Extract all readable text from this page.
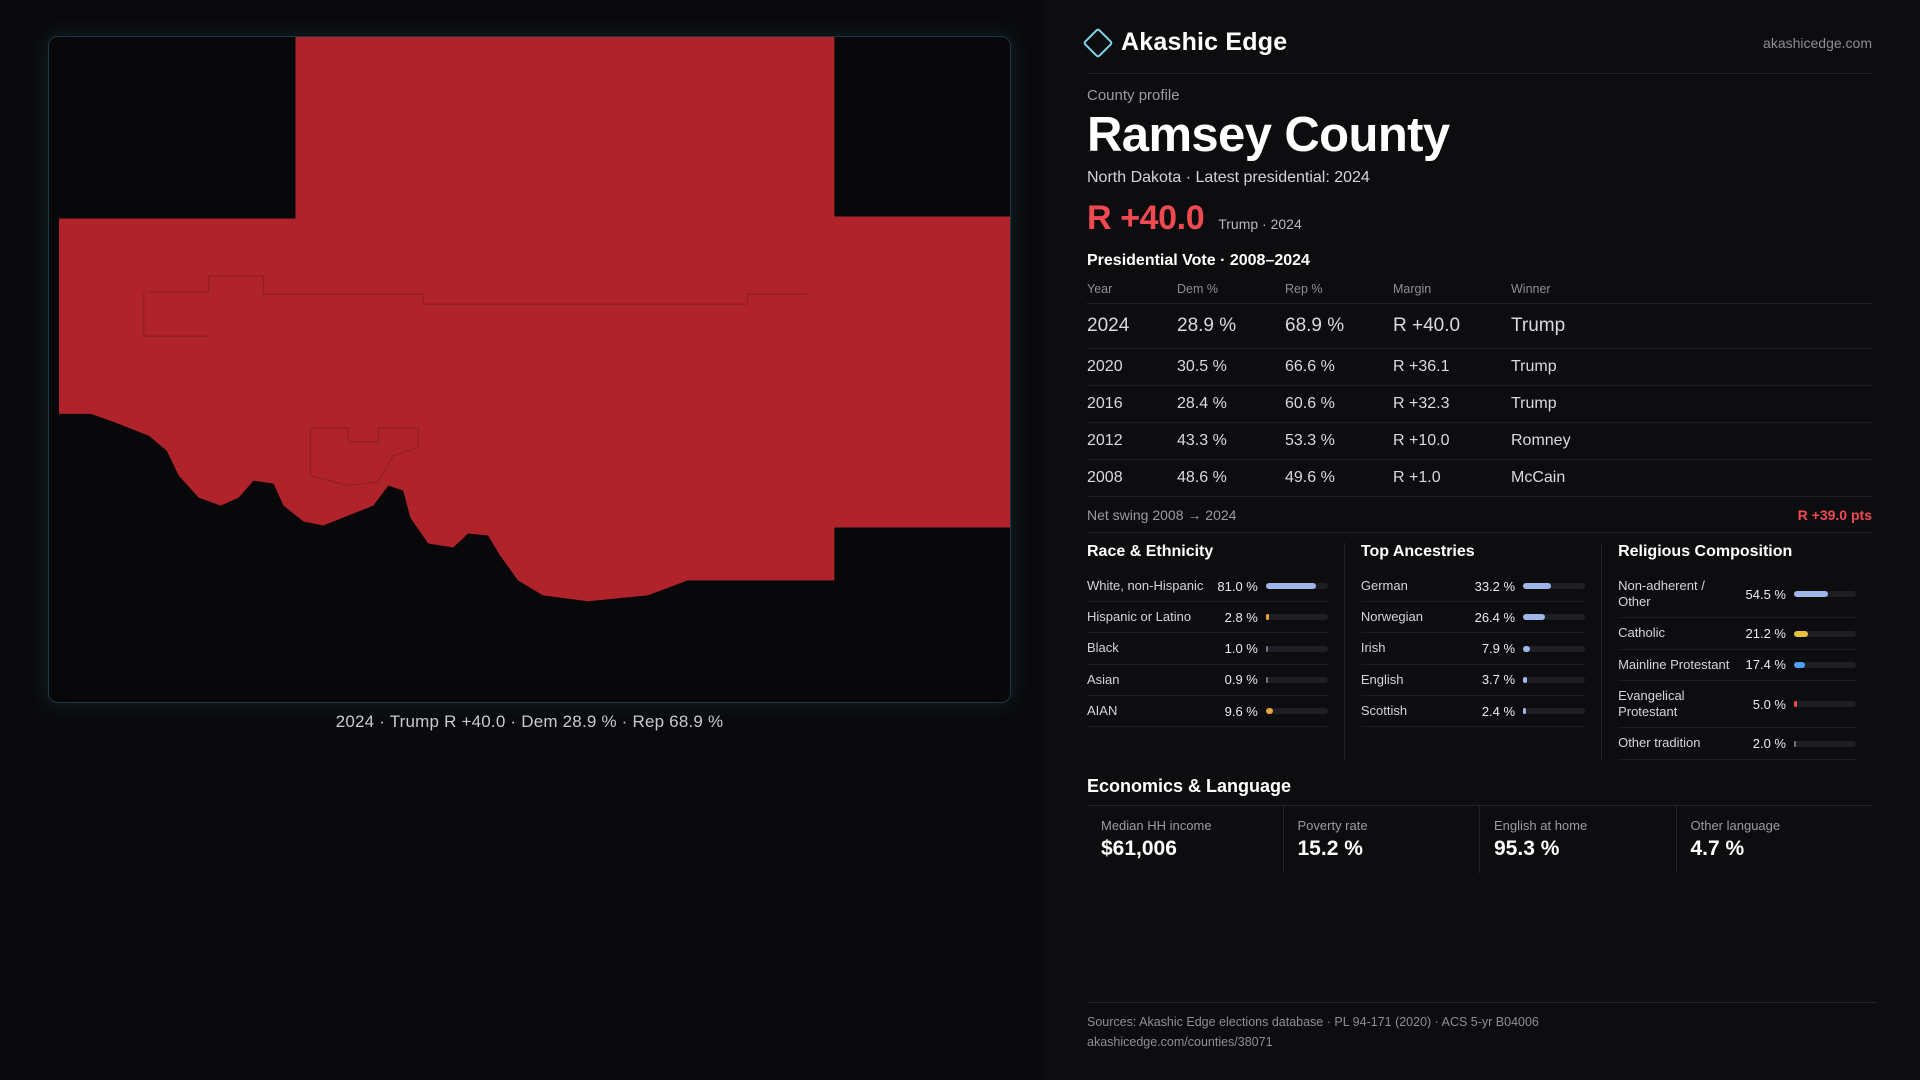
2024 · Trump R +40.0 · Dem 28.9 % · Rep 68.9 %
Akashic Edge	akashicedge.com
County profile
Ramsey County
North Dakota · Latest presidential: 2024
R +40.0 Trump · 2024
Presidential Vote · 2008–2024
Year	Dem %	Rep %	Margin	Winner
2024	28.9 %	68.9 %	R +40.0	Trump
2020	30.5 %	66.6 %	R +36.1	Trump
2016	28.4 %	60.6 %	R +32.3	Trump
2012	43.3 %	53.3 %	R +10.0	Romney
2008	48.6 %	49.6 %	R +1.0	McCain
Net swing 2008 → 2024	R +39.0 pts
Race & Ethnicity
White, non-Hispanic	81.0 %
Hispanic or Latino	2.8 %
Black	1.0 %
Asian	0.9 %
AIAN	9.6 %
Top Ancestries
German	33.2 %
Norwegian	26.4 %
Irish	7.9 %
English	3.7 %
Scottish	2.4 %
Religious Composition
Non-adherent / Other	54.5 %
Catholic	21.2 %
Mainline Protestant	17.4 %
Evangelical Protestant	5.0 %
Other tradition	2.0 %
Economics & Language
Median HH income
$61,006
Poverty rate
15.2 %
English at home
95.3 %
Other language
4.7 %
Sources: Akashic Edge elections database · PL 94-171 (2020) · ACS 5-yr B04006
akashicedge.com/counties/38071
